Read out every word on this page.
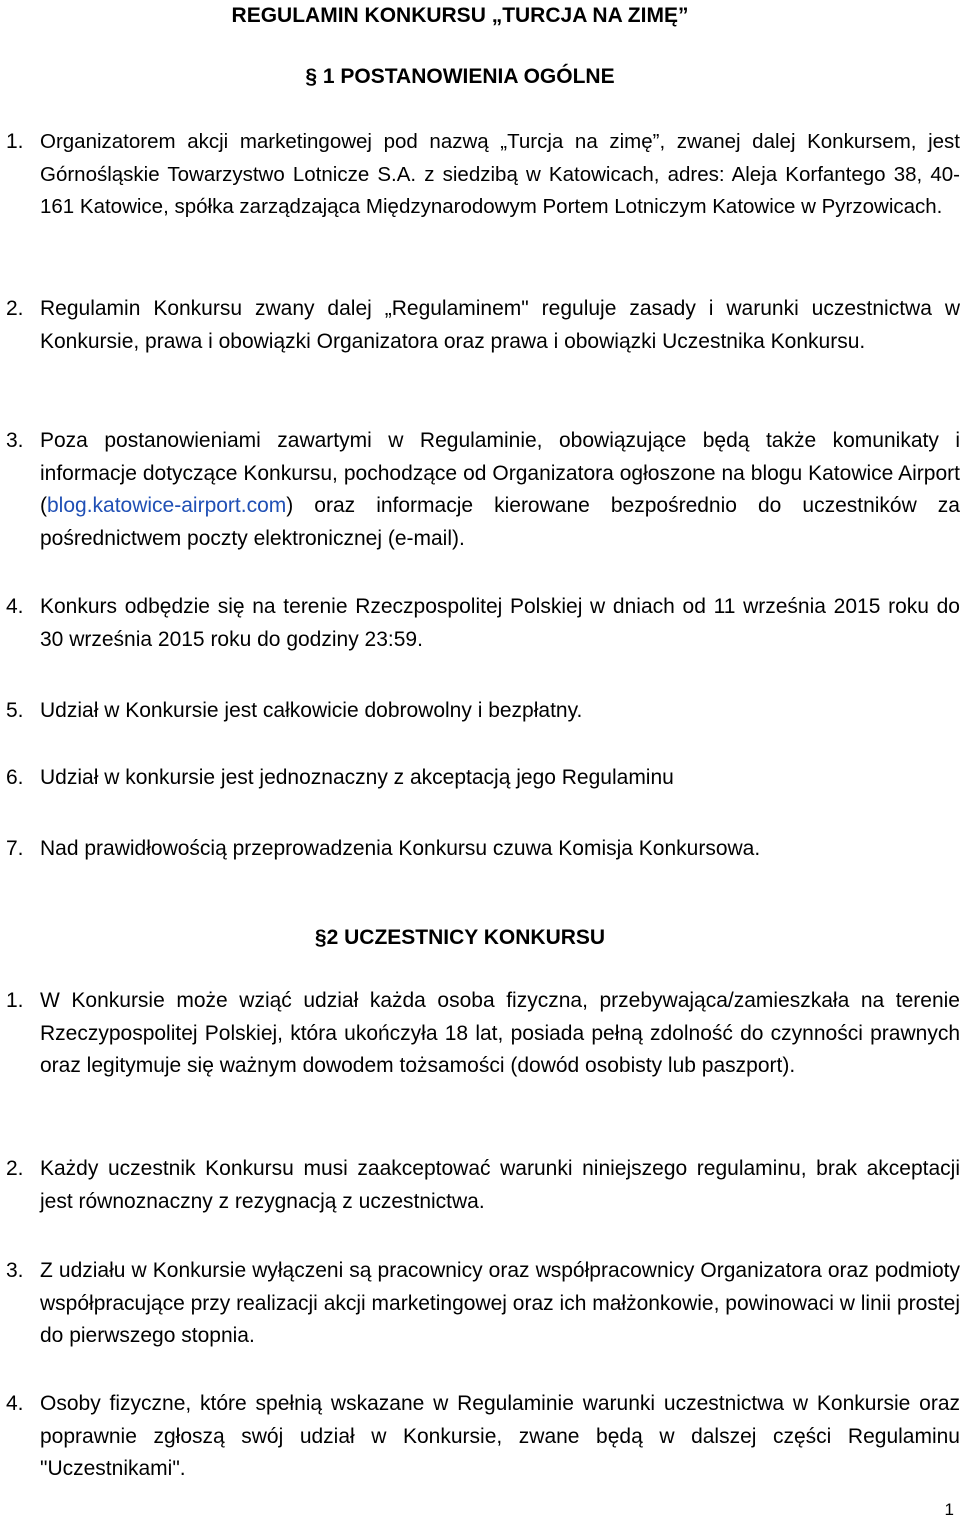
REGULAMIN KONKURSU „TURCJA NA ZIMĘ”
§ 1 POSTANOWIENIA OGÓLNE
1. Organizatorem akcji marketingowej pod nazwą „Turcja na zimę”, zwanej dalej Konkursem, jest Górnośląskie Towarzystwo Lotnicze S.A. z siedzibą w Katowicach, adres: Aleja Korfantego 38, 40-161 Katowice, spółka zarządzająca Międzynarodowym Portem Lotniczym Katowice w Pyrzowicach.
2. Regulamin Konkursu zwany dalej „Regulaminem" reguluje zasady i warunki uczestnictwa w Konkursie, prawa i obowiązki Organizatora oraz prawa i obowiązki Uczestnika Konkursu.
3. Poza postanowieniami zawartymi w Regulaminie, obowiązujące będą także komunikaty i informacje dotyczące Konkursu, pochodzące od Organizatora ogłoszone na blogu Katowice Airport (blog.katowice-airport.com) oraz informacje kierowane bezpośrednio do uczestników za pośrednictwem poczty elektronicznej (e-mail).
4. Konkurs odbędzie się na terenie Rzeczpospolitej Polskiej w dniach od 11 września 2015 roku do 30 września 2015 roku do godziny 23:59.
5. Udział w Konkursie jest całkowicie dobrowolny i bezpłatny.
6. Udział w konkursie jest jednoznaczny z akceptacją jego Regulaminu
7. Nad prawidłowością przeprowadzenia Konkursu czuwa Komisja Konkursowa.
§2 UCZESTNICY KONKURSU
1. W Konkursie może wziąć udział każda osoba fizyczna, przebywająca/zamieszkała na terenie Rzeczypospolitej Polskiej, która ukończyła 18 lat, posiada pełną zdolność do czynności prawnych oraz legitymuje się ważnym dowodem tożsamości (dowód osobisty lub paszport).
2. Każdy uczestnik Konkursu musi zaakceptować warunki niniejszego regulaminu, brak akceptacji jest równoznaczny z rezygnacją z uczestnictwa.
3. Z udziału w Konkursie wyłączeni są pracownicy oraz współpracownicy Organizatora oraz podmioty współpracujące przy realizacji akcji marketingowej oraz ich małżonkowie, powinowaci w linii prostej do pierwszego stopnia.
4. Osoby fizyczne, które spełnią wskazane w Regulaminie warunki uczestnictwa w Konkursie oraz poprawnie zgłoszą swój udział w Konkursie, zwane będą w dalszej części Regulaminu "Uczestnikami".
1
